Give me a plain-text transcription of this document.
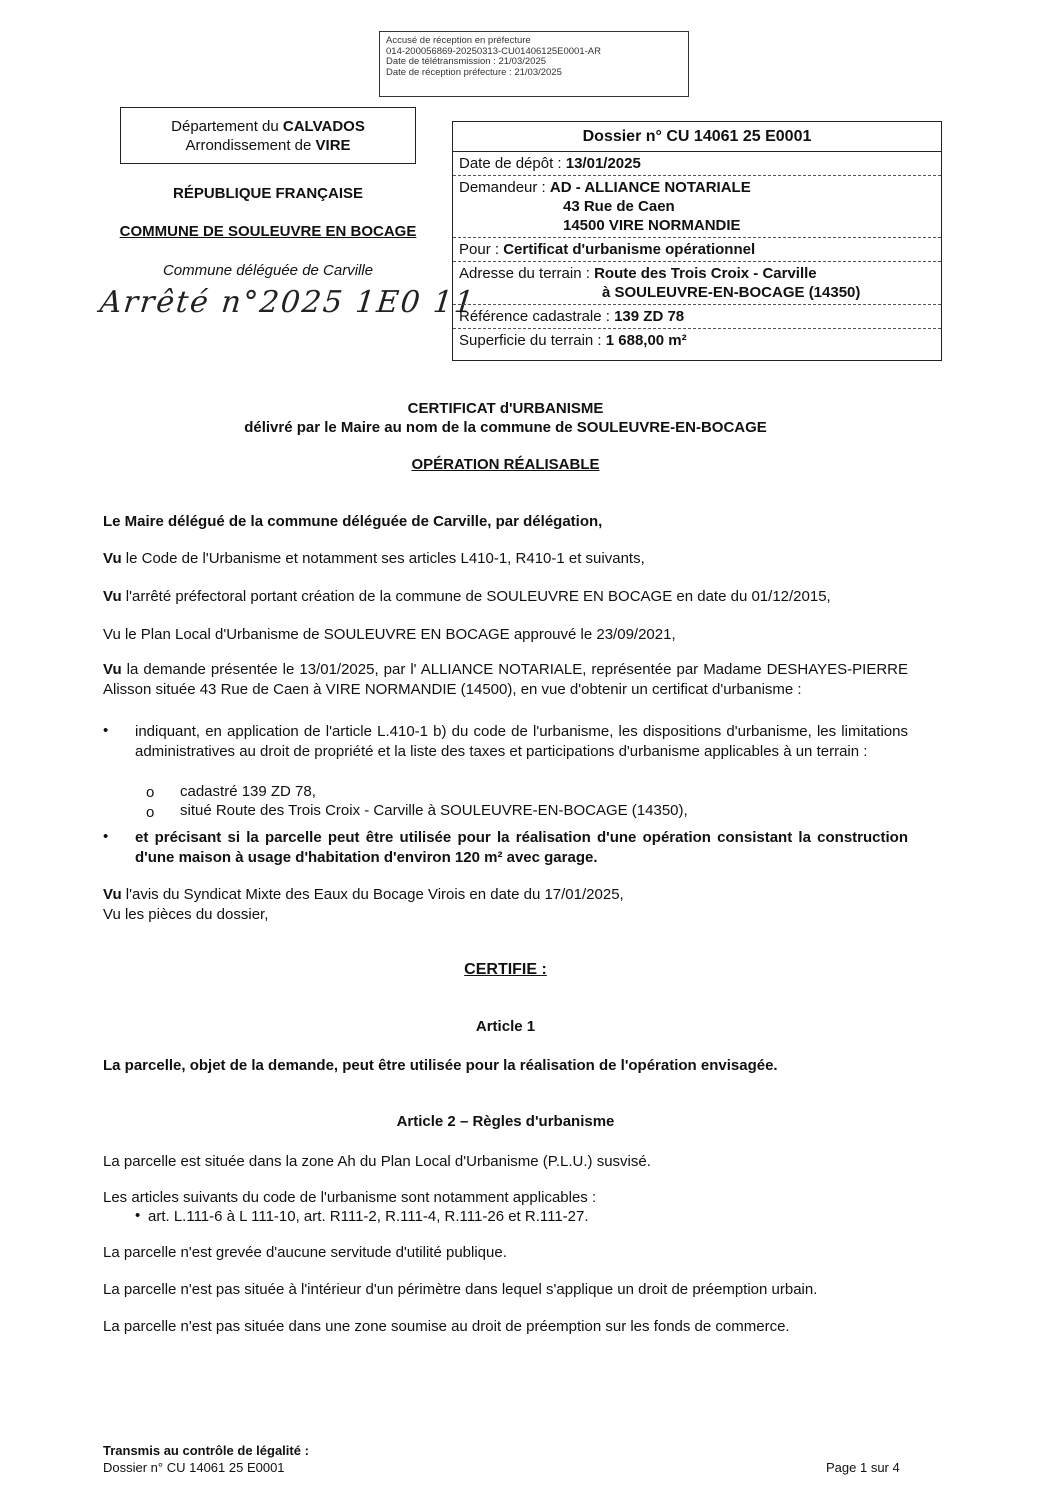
Accusé de réception en préfecture
014-200056869-20250313-CU01406125E0001-AR
Date de télétransmission : 21/03/2025
Date de réception préfecture : 21/03/2025
Département du CALVADOS
Arrondissement de VIRE
RÉPUBLIQUE FRANÇAISE
COMMUNE DE SOULEUVRE EN BOCAGE
Commune déléguée de Carville
Arrêté n°2025 1E0 11
Dossier n° CU 14061 25 E0001
Date de dépôt : 13/01/2025
Demandeur : AD - ALLIANCE NOTARIALE
43 Rue de Caen
14500 VIRE NORMANDIE
Pour : Certificat d'urbanisme opérationnel
Adresse du terrain : Route des Trois Croix - Carville
à SOULEUVRE-EN-BOCAGE (14350)
Référence cadastrale : 139 ZD 78
Superficie du terrain : 1 688,00 m²
CERTIFICAT d'URBANISME
délivré par le Maire au nom de la commune de SOULEUVRE-EN-BOCAGE
OPÉRATION RÉALISABLE
Le Maire délégué de la commune déléguée de Carville, par délégation,
Vu le Code de l'Urbanisme et notamment ses articles L410-1, R410-1 et suivants,
Vu l'arrêté préfectoral portant création de la commune de SOULEUVRE EN BOCAGE en date du 01/12/2015,
Vu le Plan Local d'Urbanisme de SOULEUVRE EN BOCAGE approuvé le 23/09/2021,
Vu la demande présentée le 13/01/2025, par l' ALLIANCE NOTARIALE, représentée par Madame DESHAYES-PIERRE Alisson située 43 Rue de Caen à VIRE NORMANDIE (14500), en vue d'obtenir un certificat d'urbanisme :
• indiquant, en application de l'article L.410-1 b) du code de l'urbanisme, les dispositions d'urbanisme, les limitations administratives au droit de propriété et la liste des taxes et participations d'urbanisme applicables à un terrain :
o cadastré 139 ZD 78,
o situé Route des Trois Croix - Carville à SOULEUVRE-EN-BOCAGE (14350),
• et précisant si la parcelle peut être utilisée pour la réalisation d'une opération consistant la construction d'une maison à usage d'habitation d'environ 120 m² avec garage.
Vu l'avis du Syndicat Mixte des Eaux du Bocage Virois en date du 17/01/2025,
Vu les pièces du dossier,
CERTIFIE :
Article 1
La parcelle, objet de la demande, peut être utilisée pour la réalisation de l'opération envisagée.
Article 2 – Règles d'urbanisme
La parcelle est située dans la zone Ah du Plan Local d'Urbanisme (P.L.U.) susvisé.
Les articles suivants du code de l'urbanisme sont notamment applicables :
• art. L.111-6 à L 111-10, art. R111-2, R.111-4, R.111-26 et R.111-27.
La parcelle n'est grevée d'aucune servitude d'utilité publique.
La parcelle n'est pas située à l'intérieur d'un périmètre dans lequel s'applique un droit de préemption urbain.
La parcelle n'est pas située dans une zone soumise au droit de préemption sur les fonds de commerce.
Transmis au contrôle de légalité :
Dossier n° CU 14061 25 E0001	Page 1 sur 4
